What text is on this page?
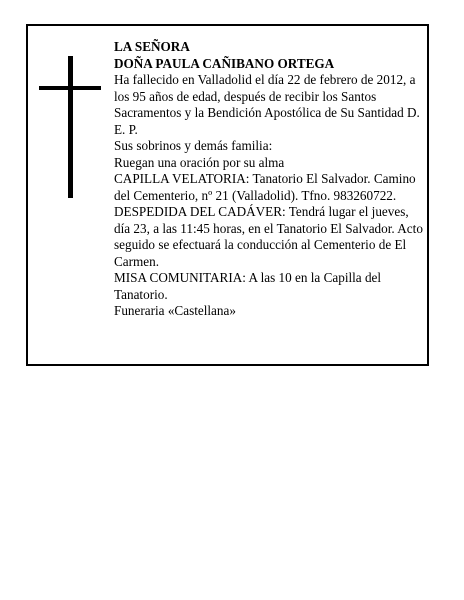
LA SEÑORA

DOÑA PAULA CAÑIBANO ORTEGA

Ha fallecido en Valladolid el día 22 de febrero de 2012, a los 95 años de edad, después de recibir los Santos Sacramentos y la Bendición Apostólica de Su Santidad D. E. P.

Sus sobrinos y demás familia:

Ruegan una oración por su alma

CAPILLA VELATORIA: Tanatorio El Salvador. Camino del Cementerio, nº 21 (Valladolid). Tfno. 983260722.

DESPEDIDA DEL CADÁVER: Tendrá lugar el jueves, día 23, a las 11:45 horas, en el Tanatorio El Salvador. Acto seguido se efectuará la conducción al Cementerio de El Carmen.

MISA COMUNITARIA: A las 10 en la Capilla del Tanatorio.

Funeraria «Castellana»
